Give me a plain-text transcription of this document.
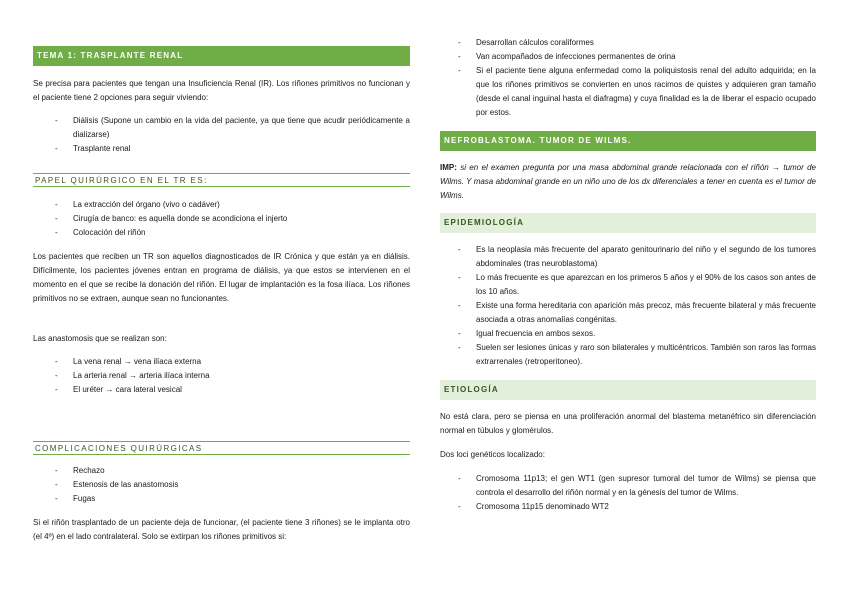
TEMA 1: TRASPLANTE RENAL
Se precisa para pacientes que tengan una Insuficiencia Renal (IR). Los riñones primitivos no funcionan y el paciente tiene 2 opciones para seguir viviendo:
- Diálisis (Supone un cambio en la vida del paciente, ya que tiene que acudir periódicamente a dializarse)
- Trasplante renal
PAPEL QUIRÚRGICO EN EL TR ES:
- La extracción del órgano (vivo o cadáver)
- Cirugía de banco: es aquella donde se acondiciona el injerto
- Colocación del riñón
Los pacientes que reciben un TR son aquellos diagnosticados de IR Crónica y que están ya en diálisis. Difícilmente, los pacientes jóvenes entran en programa de diálisis, ya que estos se intervienen en el momento en el que se recibe la donación del riñón. El lugar de implantación es la fosa ilíaca. Los riñones primitivos no se extraen, aunque sean no funcionantes.
Las anastomosis que se realizan son:
- La vena renal → vena ilíaca externa
- La arteria renal → arteria ilíaca interna
- El uréter → cara lateral vesical
COMPLICACIONES QUIRÚRGICAS
- Rechazo
- Estenosis de las anastomosis
- Fugas
Si el riñón trasplantado de un paciente deja de funcionar, (el paciente tiene 3 riñones) se le implanta otro (el 4º) en el lado contralateral. Solo se extirpan los riñones primitivos si:
- Desarrollan cálculos coraliformes
- Van acompañados de infecciones permanentes de orina
- Si el paciente tiene alguna enfermedad como la poliquistosis renal del adulto adquirida; en la que los riñones primitivos se convierten en unos racimos de quistes y adquieren gran tamaño (desde el canal inguinal hasta el diafragma) y cuya finalidad es la de liberar el espacio ocupado por estos.
NEFROBLASTOMA. TUMOR DE WILMS.
IMP: si en el examen pregunta por una masa abdominal grande relacionada con el riñón → tumor de Wilms. Y masa abdominal grande en un niño uno de los dx diferenciales a tener en cuenta es el tumor de Wilms.
EPIDEMIOLOGÍA
- Es la neoplasia más frecuente del aparato genitourinario del niño y el segundo de los tumores abdominales (tras neuroblastoma)
- Lo más frecuente es que aparezcan en los primeros 5 años y el 90% de los casos son antes de los 10 años.
- Existe una forma hereditaria con aparición más precoz, más frecuente bilateral y más frecuente asociada a otras anomalías congénitas.
- Igual frecuencia en ambos sexos.
- Suelen ser lesiones únicas y raro son bilaterales y multicéntricos. También son raros las formas extrarrenales (retroperitoneo).
ETIOLOGÍA
No está clara, pero se piensa en una proliferación anormal del blastema metanéfrico sin diferenciación normal en túbulos y glomérulos.
Dos loci genéticos localizado:
- Cromosoma 11p13; el gen WT1 (gen supresor tumoral del tumor de Wilms) se piensa que controla el desarrollo del riñón normal y en la génesis del tumor de Wilms.
- Cromosoma 11p15 denominado WT2
